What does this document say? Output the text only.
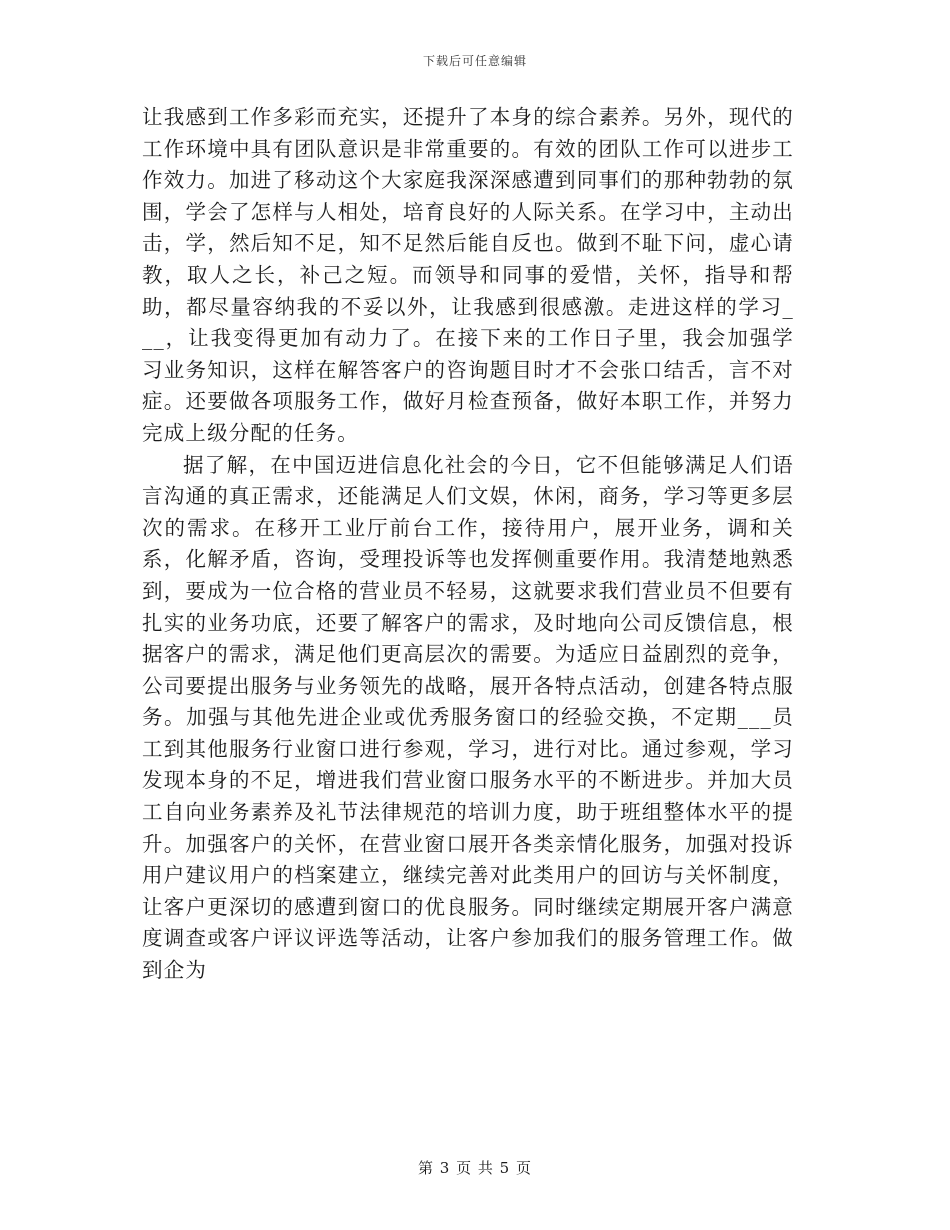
下载后可任意编辑

让我感到工作多彩而充实，还提升了本身的综合素养。另外，现代的工作环境中具有团队意识是非常重要的。有效的团队工作可以进步工作效力。加进了移动这个大家庭我深深感遭到同事们的那种勃勃的氛围，学会了怎样与人相处，培育良好的人际关系。在学习中，主动出击，学，然后知不足，知不足然后能自反也。做到不耻下问，虚心请教，取人之长，补己之短。而领导和同事的爱惜，关怀，指导和帮助，都尽量容纳我的不妥以外，让我感到很感激。走进这样的学习___，让我变得更加有动力了。在接下来的工作日子里，我会加强学习业务知识，这样在解答客户的咨询题目时才不会张口结舌，言不对症。还要做各项服务工作，做好月检查预备，做好本职工作，并努力完成上级分配的任务。

据了解，在中国迈进信息化社会的今日，它不但能够满足人们语言沟通的真正需求，还能满足人们文娱，休闲，商务，学习等更多层次的需求。在移开工业厅前台工作，接待用户，展开业务，调和关系，化解矛盾，咨询，受理投诉等也发挥侧重要作用。我清楚地熟悉到，要成为一位合格的营业员不轻易，这就要求我们营业员不但要有扎实的业务功底，还要了解客户的需求，及时地向公司反馈信息，根据客户的需求，满足他们更高层次的需要。为适应日益剧烈的竞争，公司要提出服务与业务领先的战略，展开各特点活动，创建各特点服务。加强与其他先进企业或优秀服务窗口的经验交换，不定期___员工到其他服务行业窗口进行参观，学习，进行对比。通过参观，学习发现本身的不足，增进我们营业窗口服务水平的不断进步。并加大员工自向业务素养及礼节法律规范的培训力度，助于班组整体水平的提升。加强客户的关怀，在营业窗口展开各类亲情化服务，加强对投诉用户建议用户的档案建立，继续完善对此类用户的回访与关怀制度，让客户更深切的感遭到窗口的优良服务。同时继续定期展开客户满意度调查或客户评议评选等活动，让客户参加我们的服务管理工作。做到企为

第 3 页 共 5 页
